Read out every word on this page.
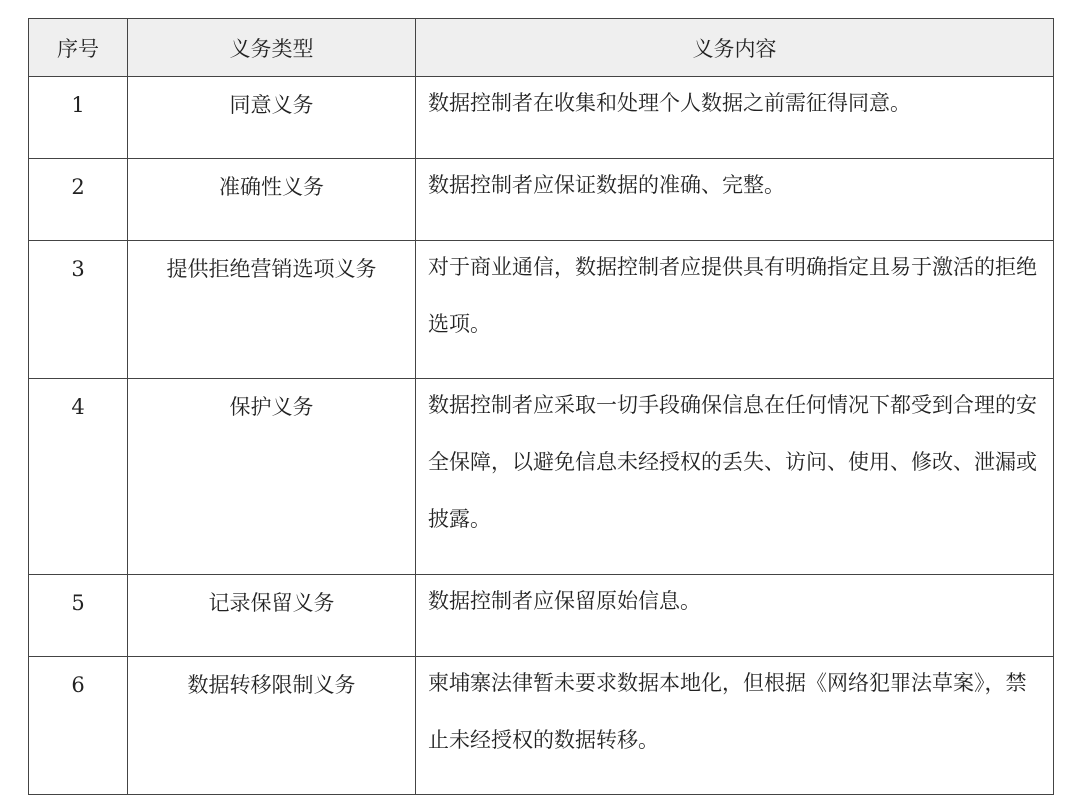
序号	义务类型	义务内容
1	同意义务	数据控制者在收集和处理个人数据之前需征得同意。

2	准确性义务	数据控制者应保证数据的准确、完整。

3	提供拒绝营销选项义务	对于商业通信，数据控制者应提供具有明确指定且易于激活的拒绝选项。

4	保护义务	数据控制者应采取一切手段确保信息在任何情况下都受到合理的安全保障，以避免信息未经授权的丢失、访问、使用、修改、泄漏或披露。

5	记录保留义务	数据控制者应保留原始信息。

6	数据转移限制义务	柬埔寨法律暂未要求数据本地化，但根据《网络犯罪法草案》，禁止未经授权的数据转移。
